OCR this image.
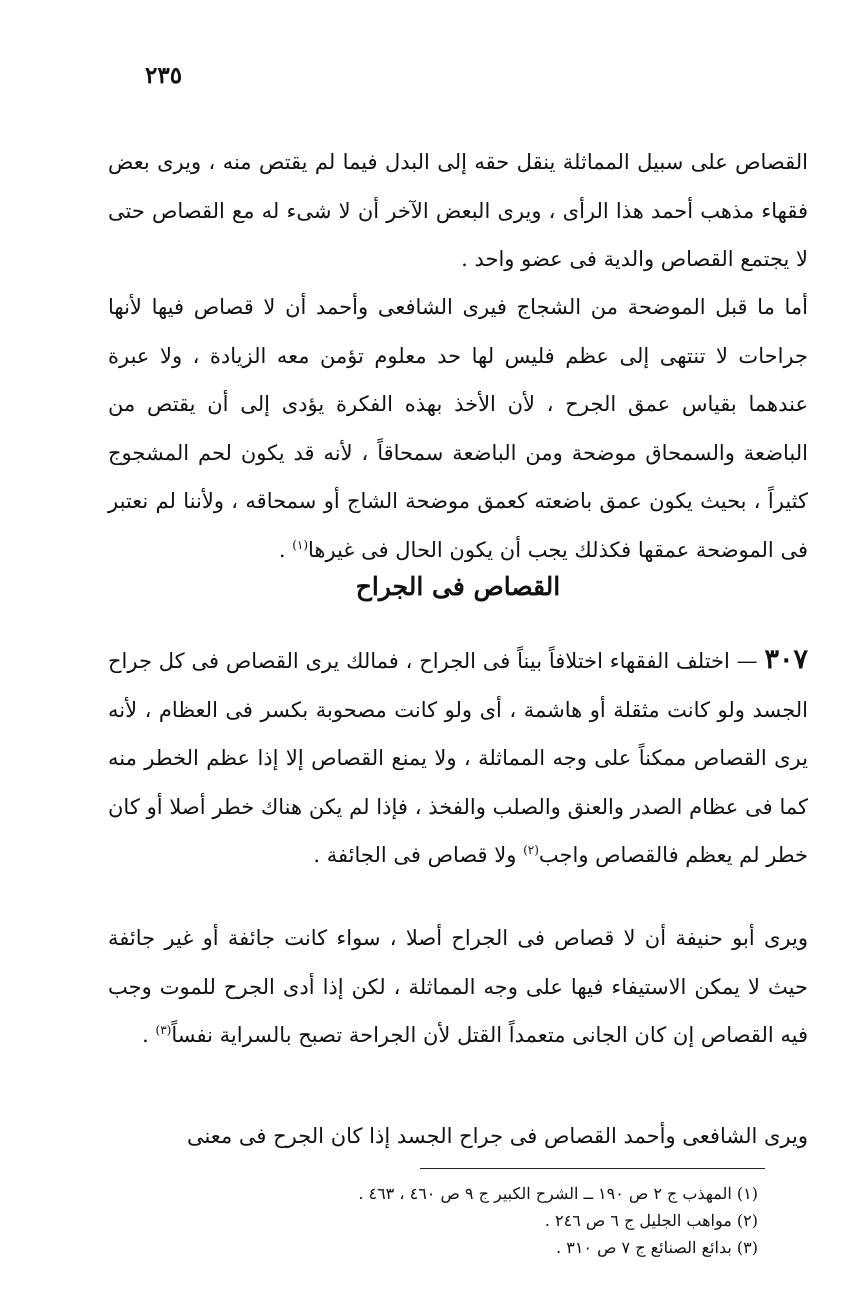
٢٣٥

القصاص على سبيل المماثلة ينقل حقه إلى البدل فيما لم يقتص منه ، ويرى بعض فقهاء مذهب أحمد هذا الرأى ، ويرى البعض الآخر أن لا شىء له مع القصاص حتى لا يجتمع القصاص والدية فى عضو واحد .

أما ما قبل الموضحة من الشجاج فيرى الشافعى وأحمد أن لا قصاص فيها لأنها جراحات لا تنتهى إلى عظم فليس لها حد معلوم تؤمن معه الزيادة ، ولا عبرة عندهما بقياس عمق الجرح ، لأن الأخذ بهذه الفكرة يؤدى إلى أن يقتص من الباضعة والسمحاق موضحة ومن الباضعة سمحاقاً ، لأنه قد يكون لحم المشجوج كثيراً ، بحيث يكون عمق باضعته كعمق موضحة الشاج أو سمحاقه ، ولأننا لم نعتبر فى الموضحة عمقها فكذلك يجب أن يكون الحال فى غيرها$^{(١)}$ .

القصاص فى الجراح

٣٠٧ — اختلف الفقهاء اختلافاً بيناً فى الجراح ، فمالك يرى القصاص فى كل جراح الجسد ولو كانت مثقلة أو هاشمة ، أى ولو كانت مصحوبة بكسر فى العظام ، لأنه يرى القصاص ممكناً على وجه المماثلة ، ولا يمنع القصاص إلا إذا عظم الخطر منه كما فى عظام الصدر والعنق والصلب والفخذ ، فإذا لم يكن هناك خطر أصلا أو كان خطر لم يعظم فالقصاص واجب$^{(٢)}$ ولا قصاص فى الجائفة .

ويرى أبو حنيفة أن لا قصاص فى الجراح أصلا ، سواء كانت جائفة أو غير جائفة حيث لا يمكن الاستيفاء فيها على وجه المماثلة ، لكن إذا أدى الجرح للموت وجب فيه القصاص إن كان الجانى متعمداً القتل لأن الجراحة تصبح بالسراية نفساً$^{(٣)}$ .

ويرى الشافعى وأحمد القصاص فى جراح الجسد إذا كان الجرح فى معنى

(١) المهذب ج ٢ ص ١٩٠ ــ الشرح الكبير ج ٩ ص ٤٦٠ ، ٤٦٣ .

(٢) مواهب الجليل ج ٦ ص ٢٤٦ .

(٣) بدائع الصنائع ج ٧ ص ٣١٠ .
